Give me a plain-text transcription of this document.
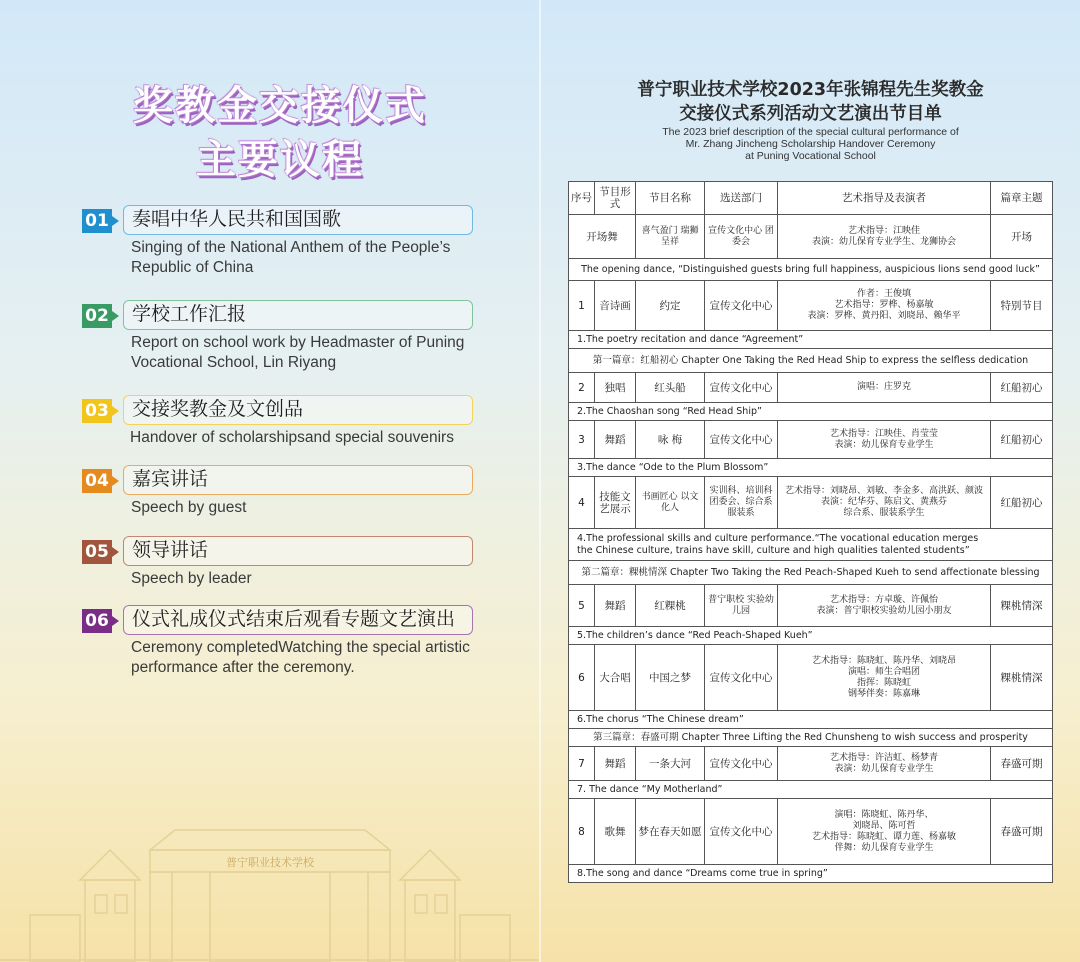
奖教金交接仪式
主要议程
01	奏唱中华人民共和国国歌
Singing of the National Anthem of the People’s Republic of China
02	学校工作汇报
Report on school work by Headmaster of Puning Vocational School, Lin Riyang
03	交接奖教金及文创品
Handover of scholarshipsand special souvenirs
04	嘉宾讲话
Speech by guest
05	领导讲话
Speech by leader
06	仪式礼成仪式结束后观看专题文艺演出
Ceremony completedWatching the special artistic performance after the ceremony.
普宁职业技术学校
普宁职业技术学校2023年张锦程先生奖教金
交接仪式系列活动文艺演出节目单
The 2023 brief description of the special cultural performance of
Mr. Zhang Jincheng Scholarship Handover Ceremony
at Puning Vocational School
序号	节目形式	节目名称	选送部门	艺术指导及表演者	篇章主题
开场舞		喜气盈门 瑞狮呈祥	宣传文化中心 团委会	艺术指导：江映佳
表演：幼儿保育专业学生、龙狮协会	开场
The opening dance, “Distinguished guests bring full happiness, auspicious lions send good luck”					
1	音诗画	约定	宣传文化中心	作者：王俊填
艺术指导：罗桦、杨嘉敏
表演：罗桦、黄丹阳、刘晓昂、赖华平	特别节目
1.The poetry recitation and dance “Agreement”					
第一篇章：红船初心 Chapter One Taking the Red Head Ship to express the selfless dedication					
2	独唱	红头船	宣传文化中心	演唱：庄罗克	红船初心
2.The Chaoshan song “Red Head Ship”					
3	舞蹈	咏 梅	宣传文化中心	艺术指导：江映佳、肖莹莹
表演：幼儿保育专业学生	红船初心
3.The dance “Ode to the Plum Blossom”					
4	技能文艺展示	书画匠心 以文化人	实训科、培训科 团委会、综合系 服装系	艺术指导：刘晓昂、刘敏、李金多、高洪跃、颜波
表演：纪华芬、陈启文、黄燕芬
综合系、服装系学生	红船初心
4.The professional skills and culture performance.“The vocational education merges
the Chinese culture, trains have skill, culture and high qualities talented students”					
第二篇章：粿桃情深 Chapter Two Taking the Red Peach-Shaped Kueh to send affectionate blessing					
5	舞蹈	红粿桃	普宁职校 实验幼儿园	艺术指导：方卓璇、许佩怡
表演：普宁职校实验幼儿园小朋友	粿桃情深
5.The children’s dance “Red Peach-Shaped Kueh”					
6	大合唱	中国之梦	宣传文化中心	艺术指导：陈晓虹、陈丹华、刘晓昂
演唱：师生合唱团
指挥：陈晓虹
钢琴伴奏：陈嘉琳	粿桃情深
6.The chorus “The Chinese dream”					
第三篇章：春盛可期 Chapter Three Lifting the Red Chunsheng to wish success and prosperity					
7	舞蹈	一条大河	宣传文化中心	艺术指导：许洁虹、杨梦青
表演：幼儿保育专业学生	春盛可期
7. The dance “My Motherland”					
8	歌舞	梦在春天如愿	宣传文化中心	演唱：陈晓虹、陈丹华、
刘晓昂、陈可哲
艺术指导：陈晓虹、谭力莲、杨嘉敏
伴舞：幼儿保育专业学生	春盛可期
8.The song and dance “Dreams come true in spring”					
